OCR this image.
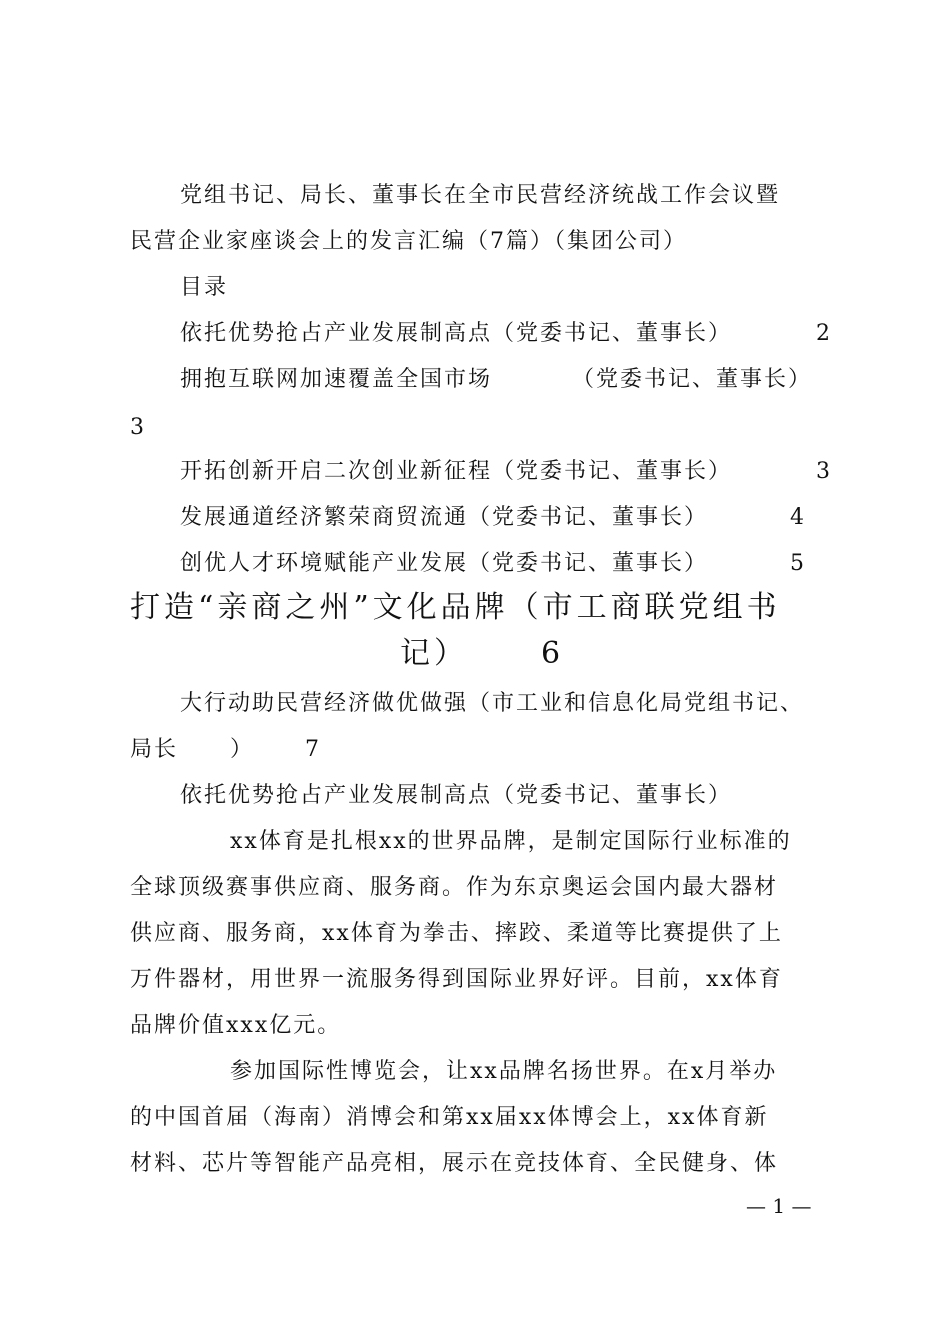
党组书记、局长、董事长在全市民营经济统战工作会议暨
民营企业家座谈会上的发言汇编（7篇）（集团公司）
目录
依托优势抢占产业发展制高点（党委书记、董事长）	2
拥抱互联网加速覆盖全国市场	（党委书记、董事长）
3
开拓创新开启二次创业新征程（党委书记、董事长）	3
发展通道经济繁荣商贸流通（党委书记、董事长）	4
创优人才环境赋能产业发展（党委书记、董事长）	5
打造“亲商之州”文化品牌（市工商联党组书
记） 6
大行动助民营经济做优做强（市工业和信息化局党组书记、
局长 ） 7
依托优势抢占产业发展制高点（党委书记、董事长）
xx体育是扎根xx的世界品牌，是制定国际行业标准的
全球顶级赛事供应商、服务商。作为东京奥运会国内最大器材
供应商、服务商，xx体育为拳击、摔跤、柔道等比赛提供了上
万件器材，用世界一流服务得到国际业界好评。目前，xx体育
品牌价值xxx亿元。
参加国际性博览会，让xx品牌名扬世界。在x月举办
的中国首届（海南）消博会和第xx届xx体博会上，xx体育新
材料、芯片等智能产品亮相，展示在竞技体育、全民健身、体
— 1 —
